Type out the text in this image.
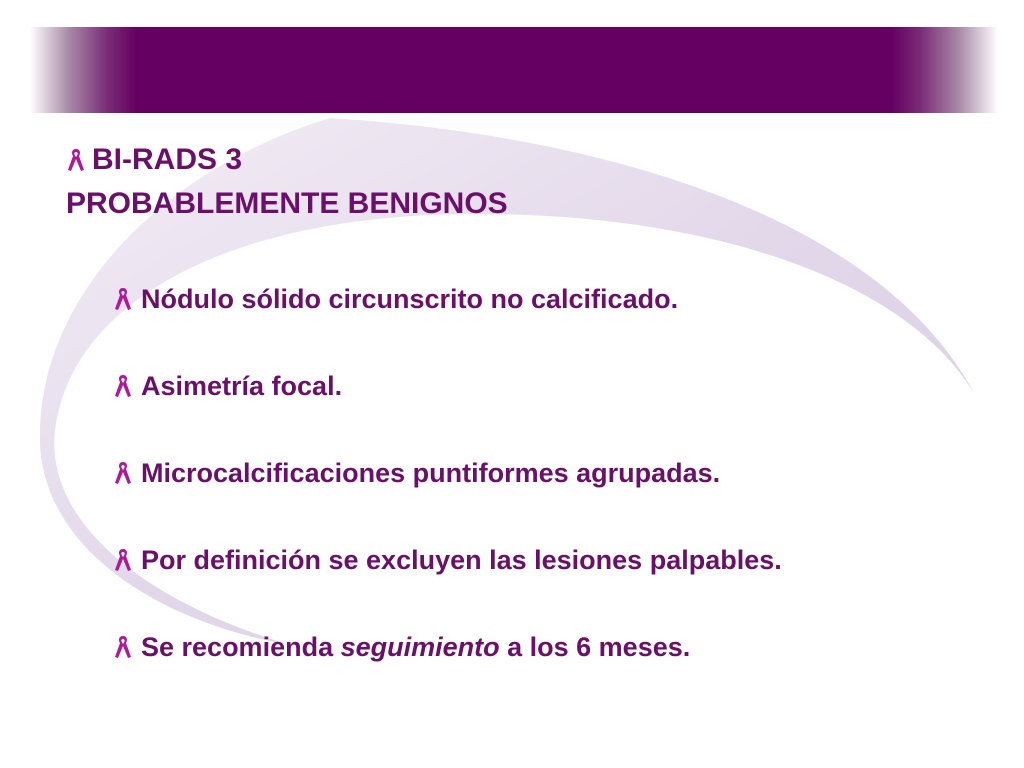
BI-RADS 3
PROBABLEMENTE BENIGNOS
Nódulo sólido circunscrito no calcificado.
Asimetría focal.
Microcalcificaciones puntiformes agrupadas.
Por definición se excluyen las lesiones palpables.
Se recomienda seguimiento a los 6 meses.
